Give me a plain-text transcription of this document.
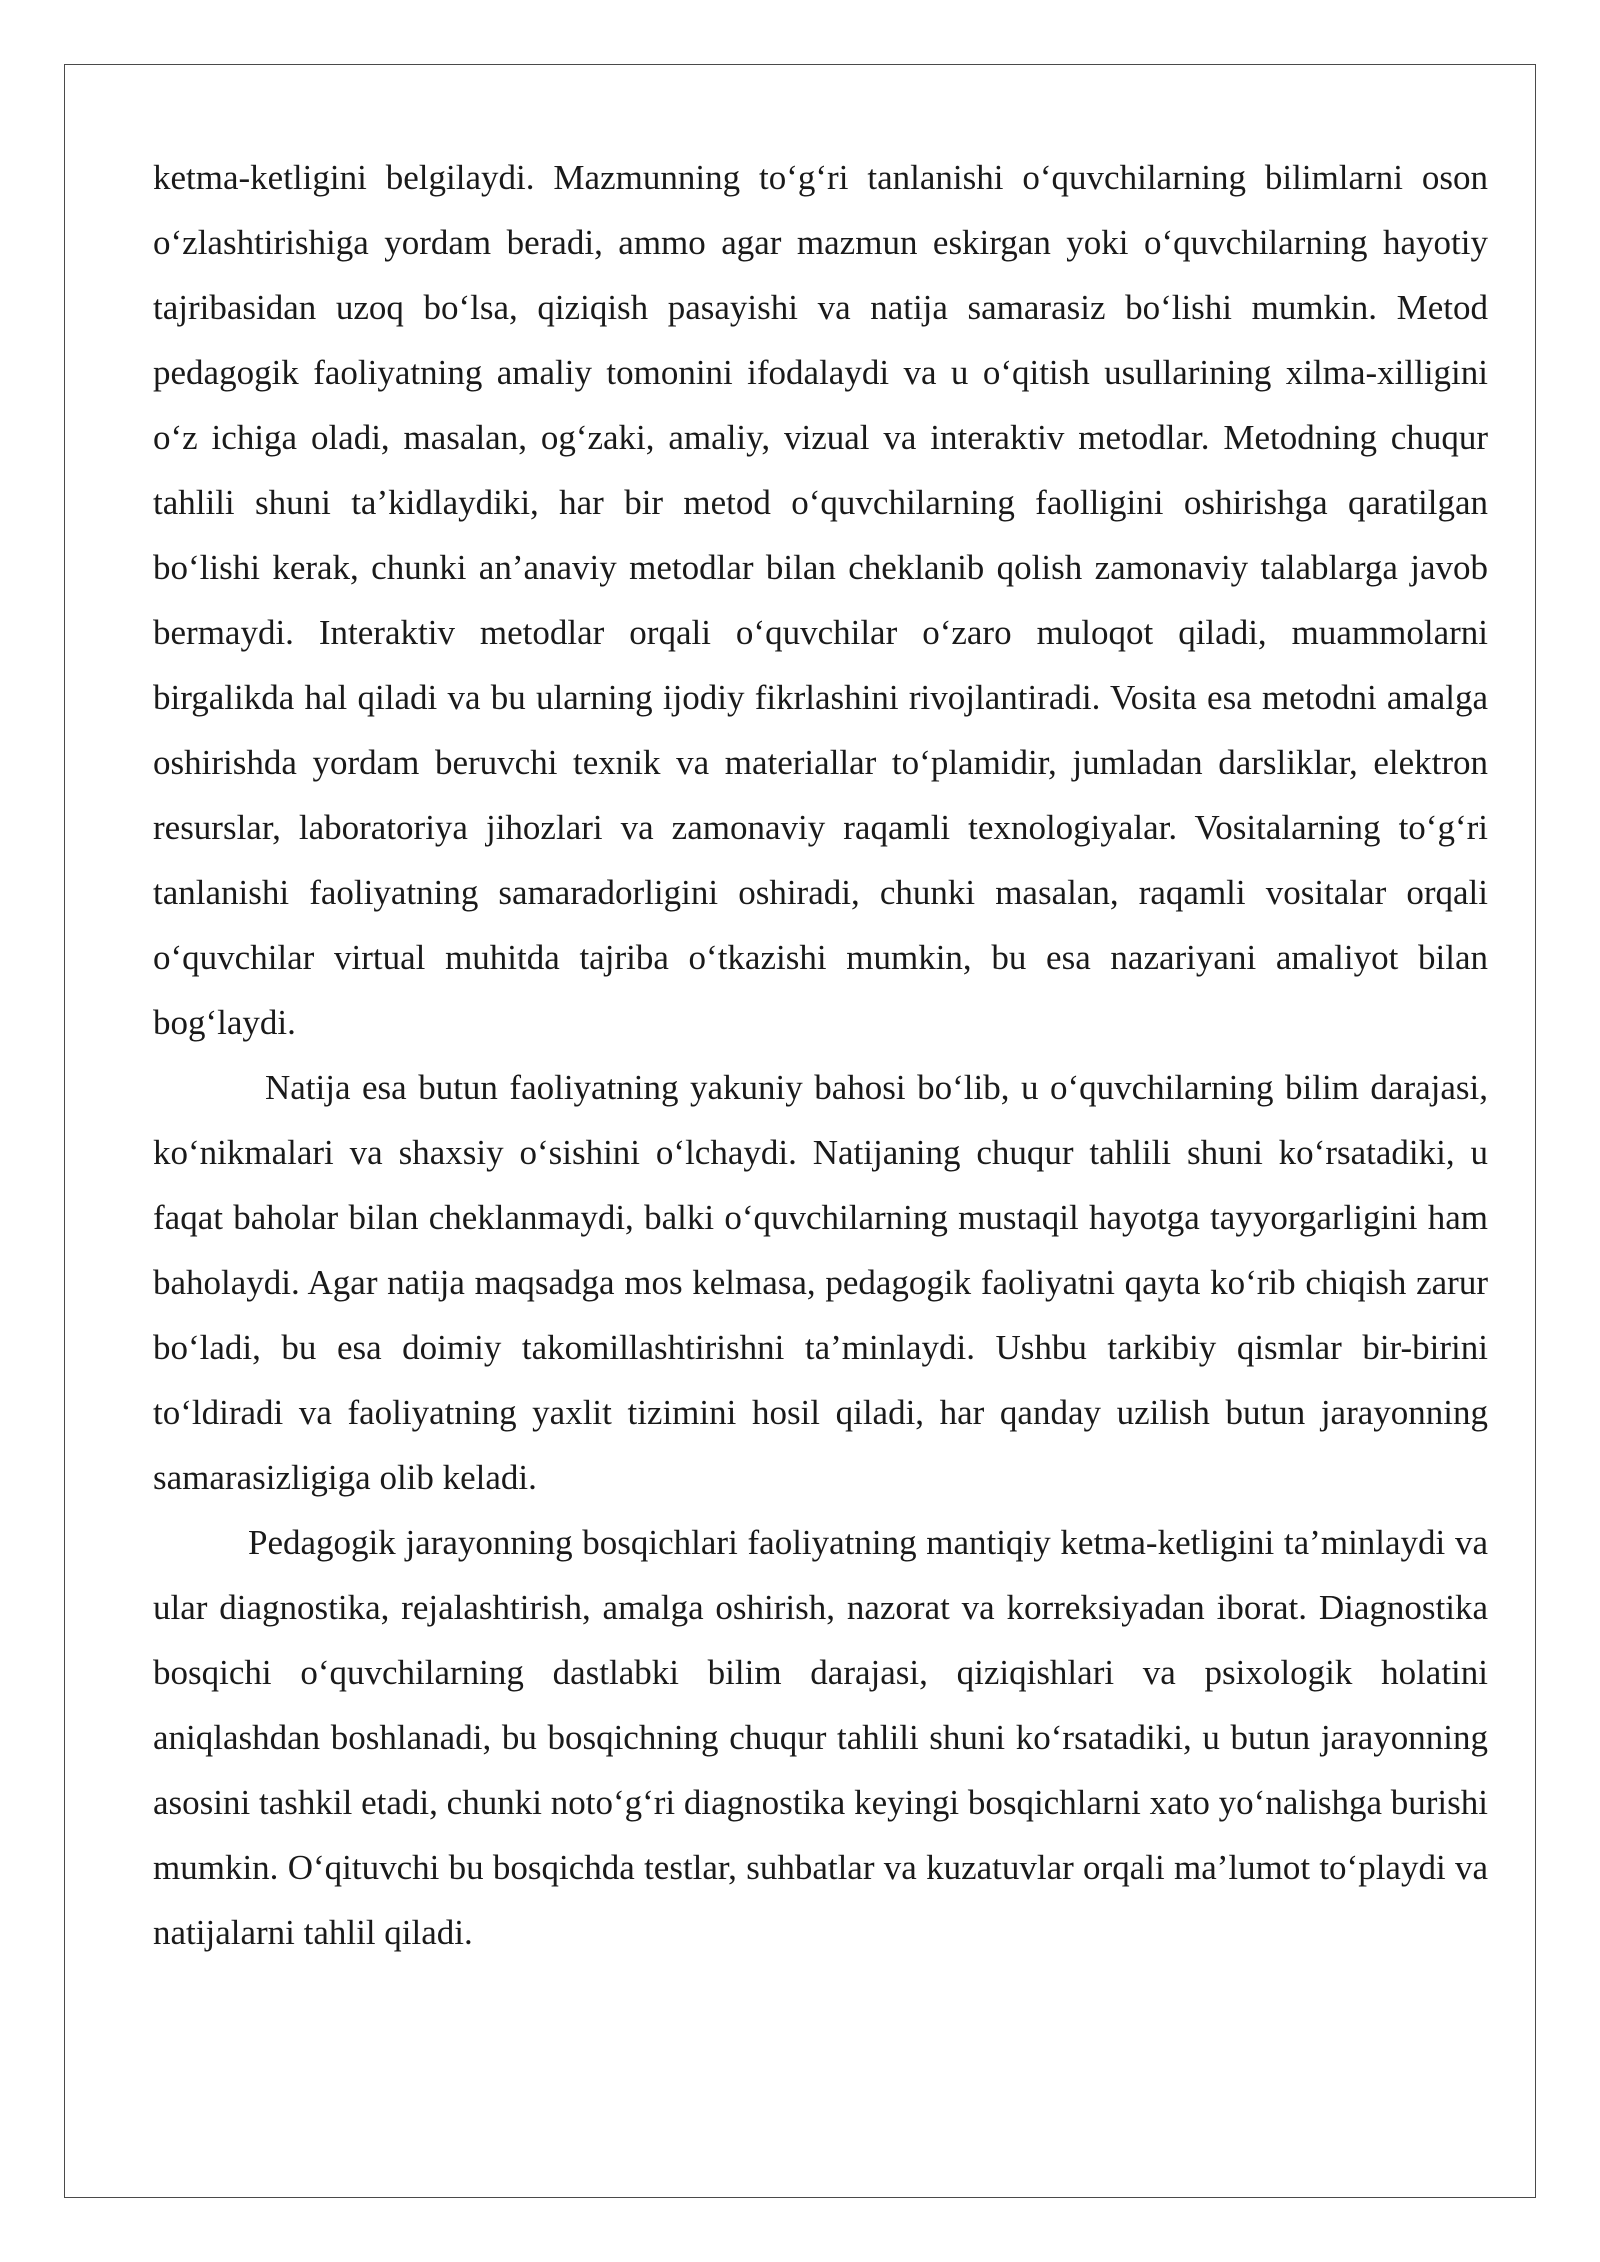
ketma-ketligini belgilaydi. Mazmunning to‘g‘ri tanlanishi o‘quvchilarning bilimlarni oson o‘zlashtirishiga yordam beradi, ammo agar mazmun eskirgan yoki o‘quvchilarning hayotiy tajribasidan uzoq bo‘lsa, qiziqish pasayishi va natija samarasiz bo‘lishi mumkin. Metod pedagogik faoliyatning amaliy tomonini ifodalaydi va u o‘qitish usullarining xilma-xilligini o‘z ichiga oladi, masalan, og‘zaki, amaliy, vizual va interaktiv metodlar. Metodning chuqur tahlili shuni ta’kidlaydiki, har bir metod o‘quvchilarning faolligini oshirishga qaratilgan bo‘lishi kerak, chunki an’anaviy metodlar bilan cheklanib qolish zamonaviy talablarga javob bermaydi. Interaktiv metodlar orqali o‘quvchilar o‘zaro muloqot qiladi, muammolarni birgalikda hal qiladi va bu ularning ijodiy fikrlashini rivojlantiradi. Vosita esa metodni amalga oshirishda yordam beruvchi texnik va materiallar to‘plamidir, jumladan darsliklar, elektron resurslar, laboratoriya jihozlari va zamonaviy raqamli texnologiyalar. Vositalarning to‘g‘ri tanlanishi faoliyatning samaradorligini oshiradi, chunki masalan, raqamli vositalar orqali o‘quvchilar virtual muhitda tajriba o‘tkazishi mumkin, bu esa nazariyani amaliyot bilan bog‘laydi.

Natija esa butun faoliyatning yakuniy bahosi bo‘lib, u o‘quvchilarning bilim darajasi, ko‘nikmalari va shaxsiy o‘sishini o‘lchaydi. Natijaning chuqur tahlili shuni ko‘rsatadiki, u faqat baholar bilan cheklanmaydi, balki o‘quvchilarning mustaqil hayotga tayyorgarligini ham baholaydi. Agar natija maqsadga mos kelmasa, pedagogik faoliyatni qayta ko‘rib chiqish zarur bo‘ladi, bu esa doimiy takomillashtirishni ta’minlaydi. Ushbu tarkibiy qismlar bir-birini to‘ldiradi va faoliyatning yaxlit tizimini hosil qiladi, har qanday uzilish butun jarayonning samarasizligiga olib keladi.

Pedagogik jarayonning bosqichlari faoliyatning mantiqiy ketma-ketligini ta’minlaydi va ular diagnostika, rejalashtirish, amalga oshirish, nazorat va korreksiyadan iborat. Diagnostika bosqichi o‘quvchilarning dastlabki bilim darajasi, qiziqishlari va psixologik holatini aniqlashdan boshlanadi, bu bosqichning chuqur tahlili shuni ko‘rsatadiki, u butun jarayonning asosini tashkil etadi, chunki noto‘g‘ri diagnostika keyingi bosqichlarni xato yo‘nalishga burishi mumkin. O‘qituvchi bu bosqichda testlar, suhbatlar va kuzatuvlar orqali ma’lumot to‘playdi va natijalarni tahlil qiladi.
